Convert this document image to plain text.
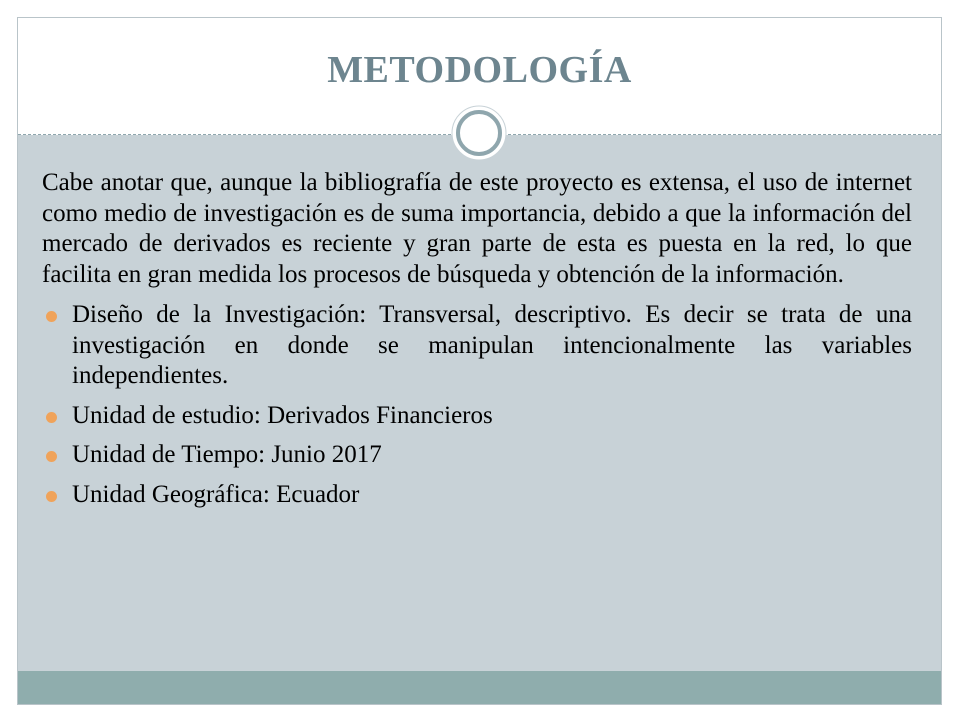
METODOLOGÍA

Cabe anotar que, aunque la bibliografía de este proyecto es extensa, el uso de internet como medio de investigación es de suma importancia, debido a que la información del mercado de derivados es reciente y gran parte de esta es puesta en la red, lo que facilita en gran medida los procesos de búsqueda y obtención de la información.

Diseño de la Investigación: Transversal, descriptivo. Es decir se trata de una investigación en donde se manipulan intencionalmente las variables independientes.
Unidad de estudio: Derivados Financieros
Unidad de Tiempo: Junio 2017
Unidad Geográfica: Ecuador
